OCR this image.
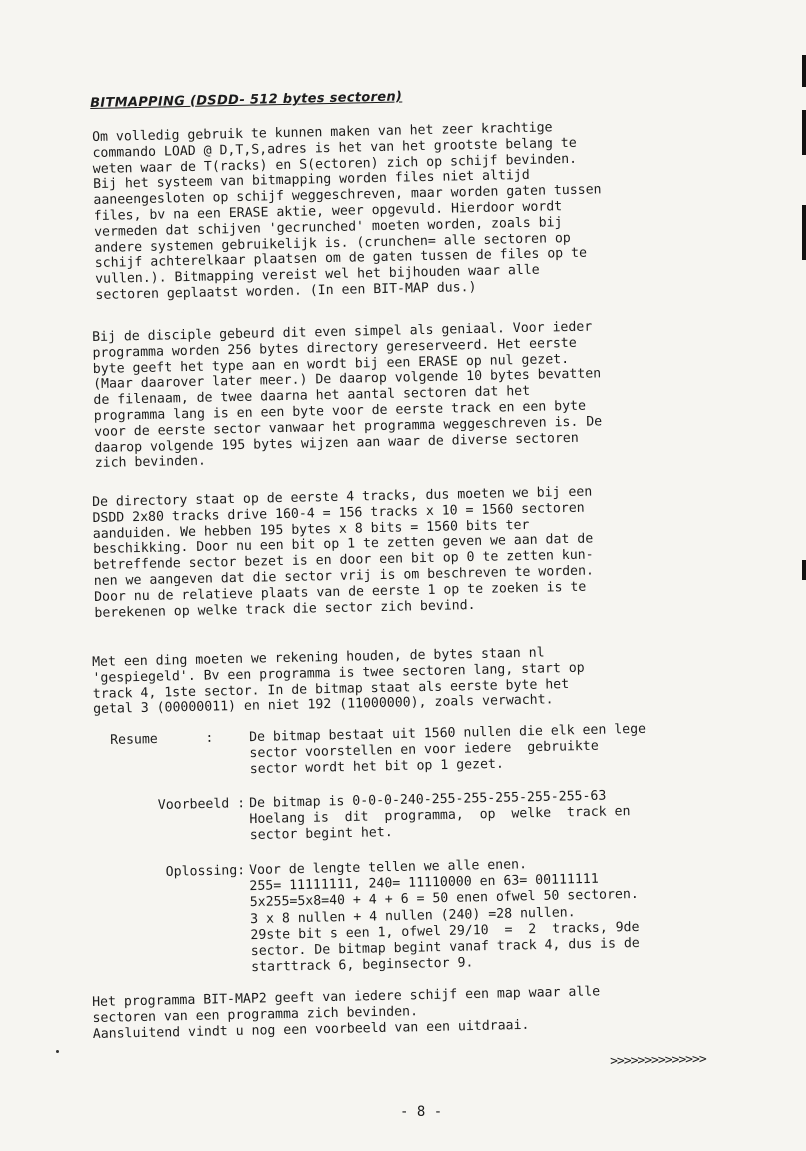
BITMAPPING (DSDD- 512 bytes sectoren)
Om volledig gebruik te kunnen maken van het zeer krachtige
commando LOAD @ D,T,S,adres is het van het grootste belang te
weten waar de T(racks) en S(ectoren) zich op schijf bevinden.
Bij het systeem van bitmapping worden files niet altijd
aaneengesloten op schijf weggeschreven, maar worden gaten tussen
files, bv na een ERASE aktie, weer opgevuld. Hierdoor wordt
vermeden dat schijven 'gecrunched' moeten worden, zoals bij
andere systemen gebruikelijk is. (crunchen= alle sectoren op
schijf achterelkaar plaatsen om de gaten tussen de files op te
vullen.). Bitmapping vereist wel het bijhouden waar alle
sectoren geplaatst worden. (In een BIT-MAP dus.)
Bij de disciple gebeurd dit even simpel als geniaal. Voor ieder
programma worden 256 bytes directory gereserveerd. Het eerste
byte geeft het type aan en wordt bij een ERASE op nul gezet.
(Maar daarover later meer.) De daarop volgende 10 bytes bevatten
de filenaam, de twee daarna het aantal sectoren dat het
programma lang is en een byte voor de eerste track en een byte
voor de eerste sector vanwaar het programma weggeschreven is. De
daarop volgende 195 bytes wijzen aan waar de diverse sectoren
zich bevinden.
De directory staat op de eerste 4 tracks, dus moeten we bij een
DSDD 2x80 tracks drive 160-4 = 156 tracks x 10 = 1560 sectoren
aanduiden. We hebben 195 bytes x 8 bits = 1560 bits ter
beschikking. Door nu een bit op 1 te zetten geven we aan dat de
betreffende sector bezet is en door een bit op 0 te zetten kun-
nen we aangeven dat die sector vrij is om beschreven te worden.
Door nu de relatieve plaats van de eerste 1 op te zoeken is te
berekenen op welke track die sector zich bevind.
Met een ding moeten we rekening houden, de bytes staan nl
'gespiegeld'. Bv een programma is twee sectoren lang, start op
track 4, 1ste sector. In de bitmap staat als eerste byte het
getal 3 (00000011) en niet 192 (11000000), zoals verwacht.
Resume      :	De bitmap bestaat uit 1560 nullen die elk een lege
sector voorstellen en voor iedere  gebruikte
sector wordt het bit op 1 gezet.
Voorbeeld : De bitmap is 0-0-0-240-255-255-255-255-255-63
Hoelang is  dit  programma,  op  welke  track en
sector begint het.
Oplossing: Voor de lengte tellen we alle enen.
255= 11111111, 240= 11110000 en 63= 00111111
5x255=5x8=40 + 4 + 6 = 50 enen ofwel 50 sectoren.
3 x 8 nullen + 4 nullen (240) =28 nullen.
29ste bit s een 1, ofwel 29/10  =  2  tracks, 9de
sector. De bitmap begint vanaf track 4, dus is de
starttrack 6, beginsector 9.
Het programma BIT-MAP2 geeft van iedere schijf een map waar alle
sectoren van een programma zich bevinden.
Aansluitend vindt u nog een voorbeeld van een uitdraai.
>>>>>>>>>>>>>>
- 8 -
